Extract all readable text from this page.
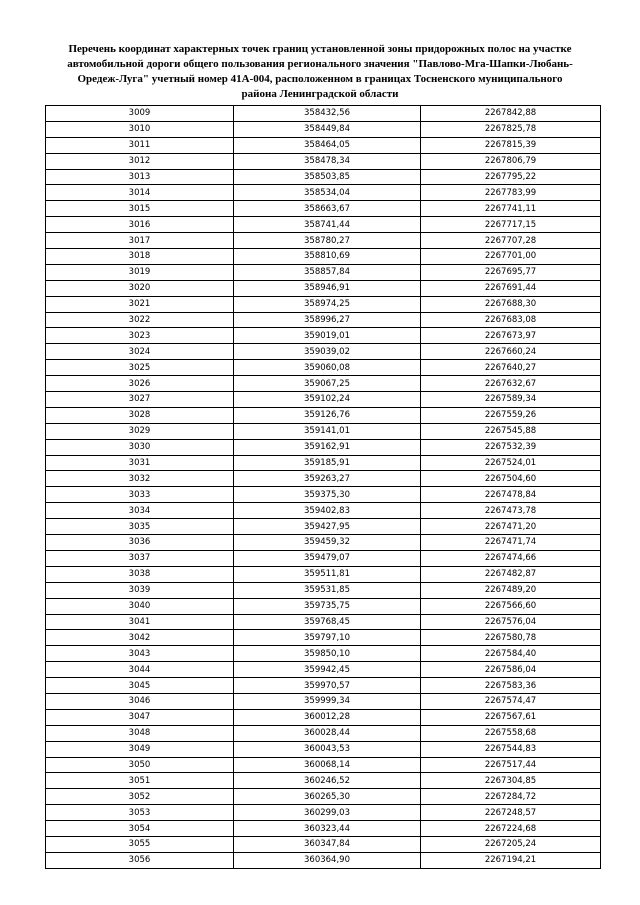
Перечень координат характерных точек границ установленной зоны придорожных полос на участке
автомобильной дороги общего пользования регионального значения "Павлово-Мга-Шапки-Любань-
Оредеж-Луга" учетный номер 41А-004, расположенном в границах Тосненского муниципального
района Ленинградской области
3009	358432,56	2267842,88
3010	358449,84	2267825,78
3011	358464,05	2267815,39
3012	358478,34	2267806,79
3013	358503,85	2267795,22
3014	358534,04	2267783,99
3015	358663,67	2267741,11
3016	358741,44	2267717,15
3017	358780,27	2267707,28
3018	358810,69	2267701,00
3019	358857,84	2267695,77
3020	358946,91	2267691,44
3021	358974,25	2267688,30
3022	358996,27	2267683,08
3023	359019,01	2267673,97
3024	359039,02	2267660,24
3025	359060,08	2267640,27
3026	359067,25	2267632,67
3027	359102,24	2267589,34
3028	359126,76	2267559,26
3029	359141,01	2267545,88
3030	359162,91	2267532,39
3031	359185,91	2267524,01
3032	359263,27	2267504,60
3033	359375,30	2267478,84
3034	359402,83	2267473,78
3035	359427,95	2267471,20
3036	359459,32	2267471,74
3037	359479,07	2267474,66
3038	359511,81	2267482,87
3039	359531,85	2267489,20
3040	359735,75	2267566,60
3041	359768,45	2267576,04
3042	359797,10	2267580,78
3043	359850,10	2267584,40
3044	359942,45	2267586,04
3045	359970,57	2267583,36
3046	359999,34	2267574,47
3047	360012,28	2267567,61
3048	360028,44	2267558,68
3049	360043,53	2267544,83
3050	360068,14	2267517,44
3051	360246,52	2267304,85
3052	360265,30	2267284,72
3053	360299,03	2267248,57
3054	360323,44	2267224,68
3055	360347,84	2267205,24
3056	360364,90	2267194,21
